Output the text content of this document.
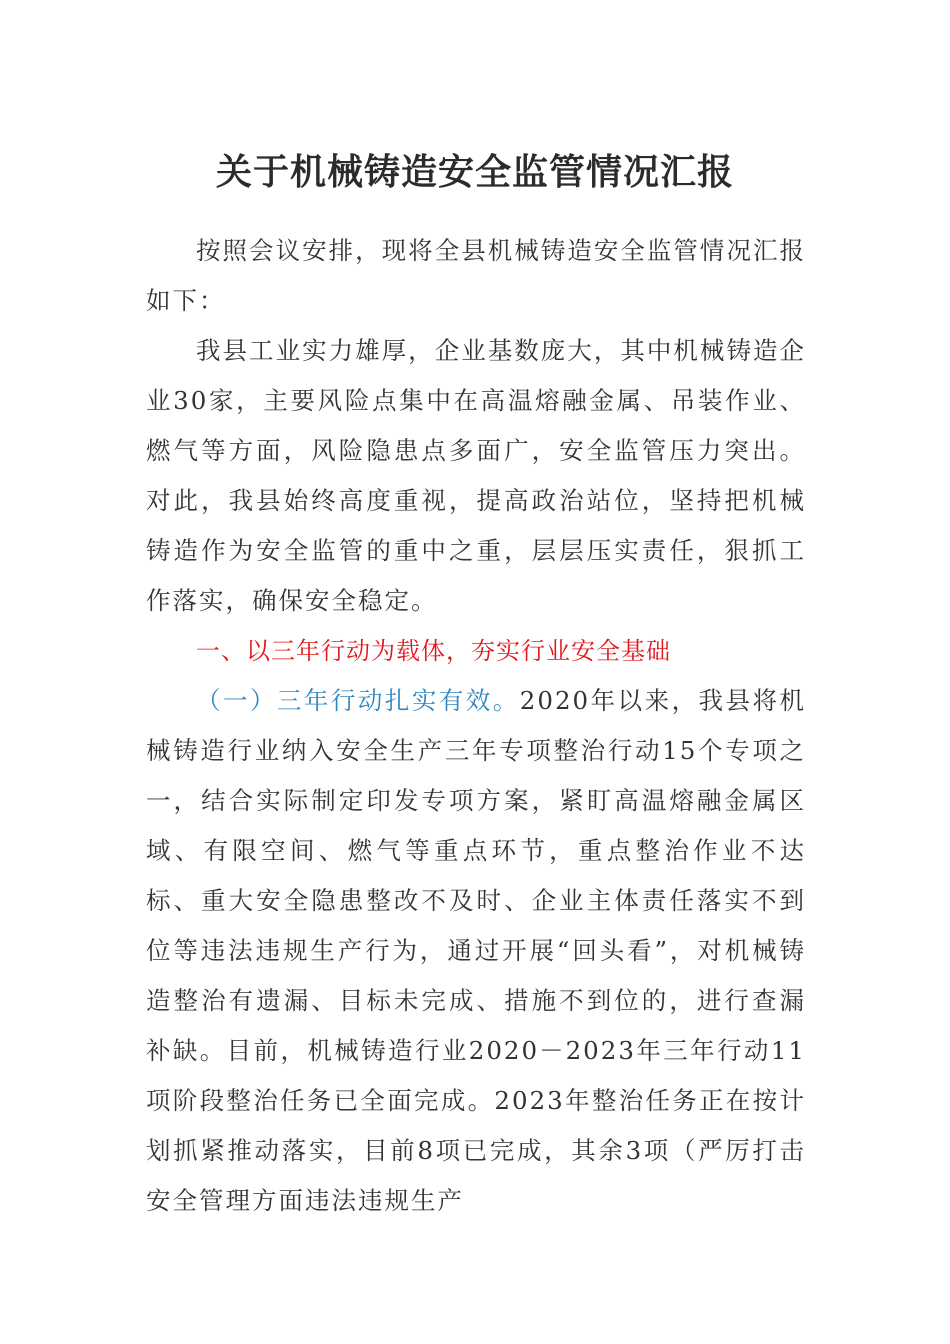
关于机械铸造安全监管情况汇报

按照会议安排，现将全县机械铸造安全监管情况汇报如下：

我县工业实力雄厚，企业基数庞大，其中机械铸造企业30家，主要风险点集中在高温熔融金属、吊装作业、燃气等方面，风险隐患点多面广，安全监管压力突出。对此，我县始终高度重视，提高政治站位，坚持把机械铸造作为安全监管的重中之重，层层压实责任，狠抓工作落实，确保安全稳定。

一、以三年行动为载体，夯实行业安全基础

（一）三年行动扎实有效。2020年以来，我县将机械铸造行业纳入安全生产三年专项整治行动15个专项之一，结合实际制定印发专项方案，紧盯高温熔融金属区域、有限空间、燃气等重点环节，重点整治作业不达标、重大安全隐患整改不及时、企业主体责任落实不到位等违法违规生产行为，通过开展“回头看”，对机械铸造整治有遗漏、目标未完成、措施不到位的，进行查漏补缺。目前，机械铸造行业2020－2023年三年行动11项阶段整治任务已全面完成。2023年整治任务正在按计划抓紧推动落实，目前8项已完成，其余3项（严厉打击安全管理方面违法违规生产
